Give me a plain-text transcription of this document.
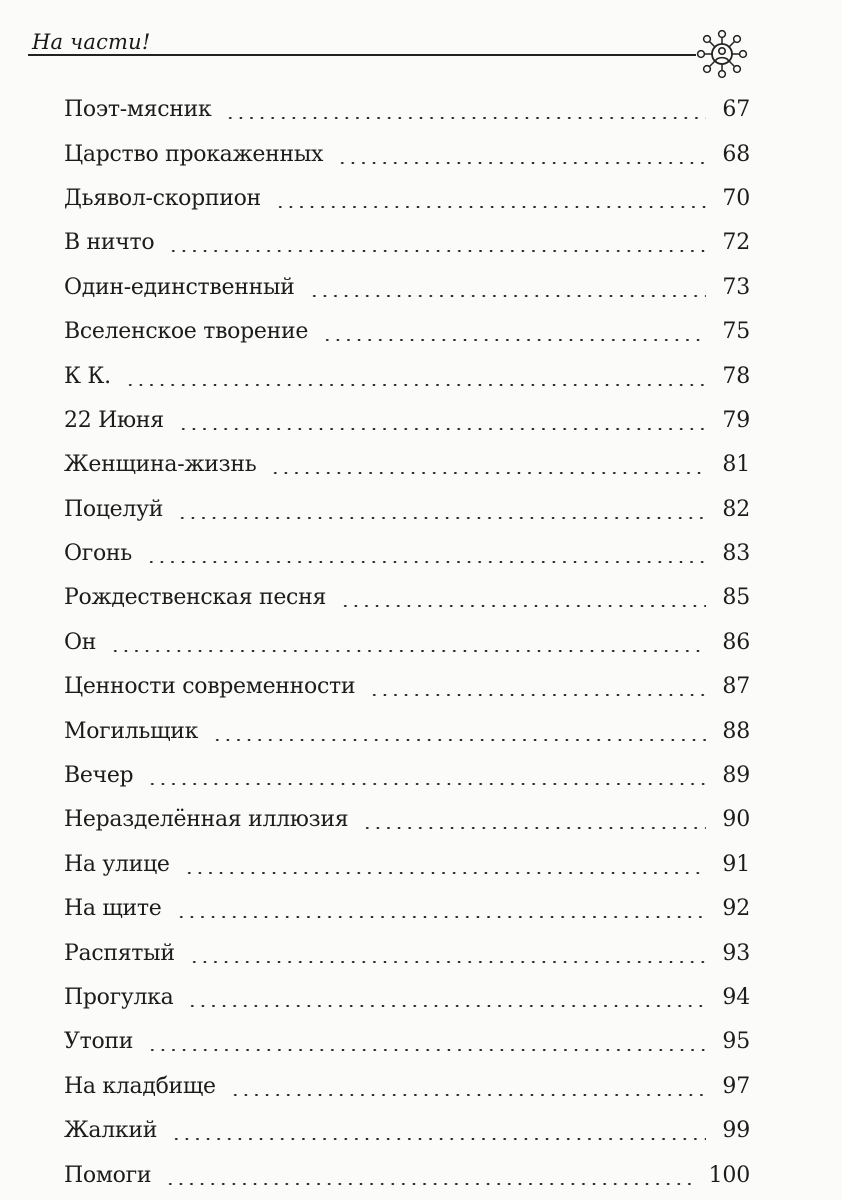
На части!
Поэт-мясник	67
Царство прокаженных	68
Дьявол-скорпион	70
В ничто	72
Один-единственный	73
Вселенское творение	75
К К.	78
22 Июня	79
Женщина-жизнь	81
Поцелуй	82
Огонь	83
Рождественская песня	85
Он	86
Ценности современности	87
Могильщик	88
Вечер	89
Неразделённая иллюзия	90
На улице	91
На щите	92
Распятый	93
Прогулка	94
Утопи	95
На кладбище	97
Жалкий	99
Помоги	100
